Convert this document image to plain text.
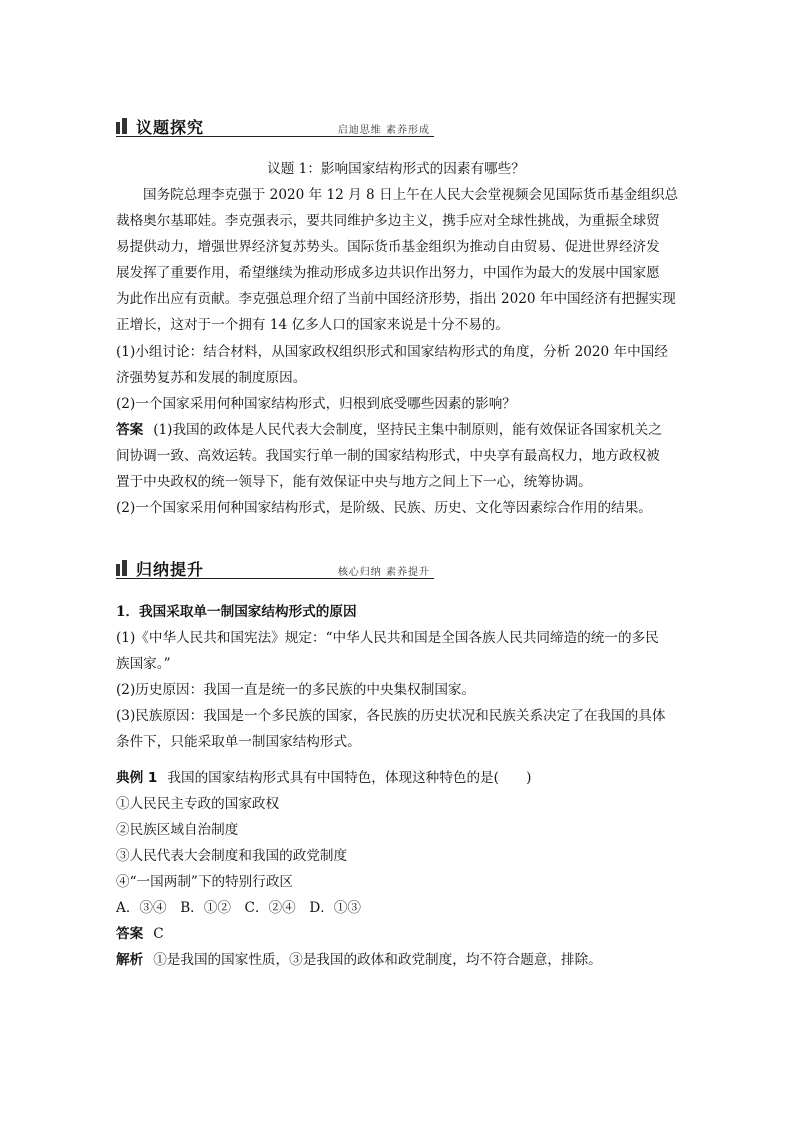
议题探究	启迪思维 素养形成

议题 1：影响国家结构形式的因素有哪些？

国务院总理李克强于 2020 年 12 月 8 日上午在人民大会堂视频会见国际货币基金组织总
裁格奥尔基耶娃。李克强表示，要共同维护多边主义，携手应对全球性挑战，为重振全球贸
易提供动力，增强世界经济复苏势头。国际货币基金组织为推动自由贸易、促进世界经济发
展发挥了重要作用，希望继续为推动形成多边共识作出努力，中国作为最大的发展中国家愿
为此作出应有贡献。李克强总理介绍了当前中国经济形势，指出 2020 年中国经济有把握实现
正增长，这对于一个拥有 14 亿多人口的国家来说是十分不易的。
(1)小组讨论：结合材料，从国家政权组织形式和国家结构形式的角度，分析 2020 年中国经
济强势复苏和发展的制度原因。

(2)一个国家采用何种国家结构形式，归根到底受哪些因素的影响？

答案 (1)我国的政体是人民代表大会制度，坚持民主集中制原则，能有效保证各国家机关之
间协调一致、高效运转。我国实行单一制的国家结构形式，中央享有最高权力，地方政权被
置于中央政权的统一领导下，能有效保证中央与地方之间上下一心，统筹协调。
(2)一个国家采用何种国家结构形式，是阶级、民族、历史、文化等因素综合作用的结果。
归纳提升	核心归纳 素养提升

1．我国采取单一制国家结构形式的原因

(1)《中华人民共和国宪法》规定：“中华人民共和国是全国各族人民共同缔造的统一的多民
族国家。”
(2)历史原因：我国一直是统一的多民族的中央集权制国家。
(3)民族原因：我国是一个多民族的国家，各民族的历史状况和民族关系决定了在我国的具体
条件下，只能采取单一制国家结构形式。
典例 1 我国的国家结构形式具有中国特色，体现这种特色的是(　　)
①人民民主专政的国家政权
②民族区域自治制度
③人民代表大会制度和我国的政党制度
④“一国两制”下的特别行政区
A．③④　B．①②　C．②④　D．①③
答案 C
解析 ①是我国的国家性质，③是我国的政体和政党制度，均不符合题意，排除。
